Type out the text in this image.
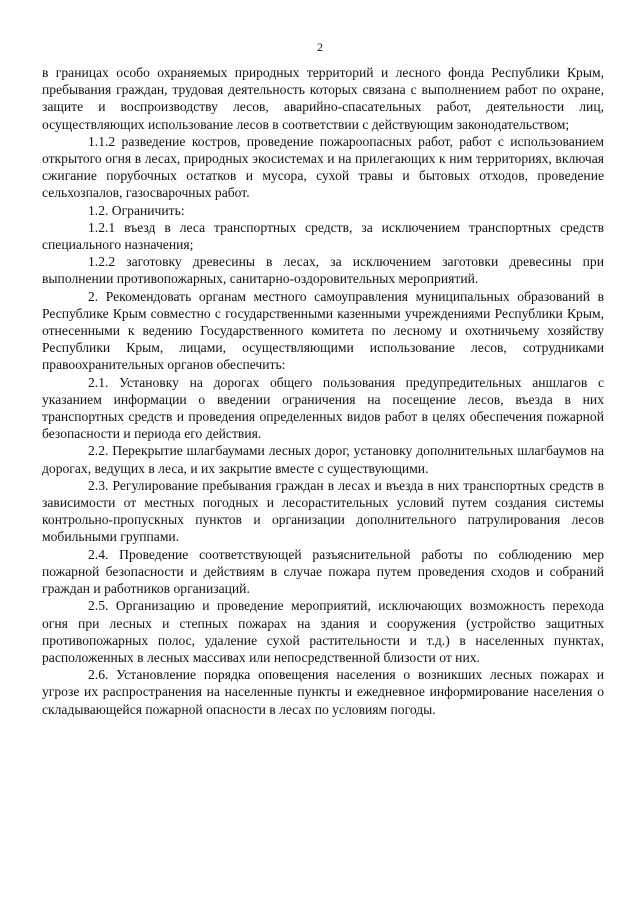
2

в границах особо охраняемых природных территорий и лесного фонда Республики Крым, пребывания граждан, трудовая деятельность которых связана с выполнением работ по охране, защите и воспроизводству лесов, аварийно-спасательных работ, деятельности лиц, осуществляющих использование лесов в соответствии с действующим законодательством;

1.1.2 разведение костров, проведение пожароопасных работ, работ с использованием открытого огня в лесах, природных экосистемах и на прилегающих к ним территориях, включая сжигание порубочных остатков и мусора, сухой травы и бытовых отходов, проведение сельхозпалов, газосварочных работ.

1.2. Ограничить:

1.2.1 въезд в леса транспортных средств, за исключением транспортных средств специального назначения;

1.2.2 заготовку древесины в лесах, за исключением заготовки древесины при выполнении противопожарных, санитарно-оздоровительных мероприятий.

2. Рекомендовать органам местного самоуправления муниципальных образований в Республике Крым совместно с государственными казенными учреждениями Республики Крым, отнесенными к ведению Государственного комитета по лесному и охотничьему хозяйству Республики Крым, лицами, осуществляющими использование лесов, сотрудниками правоохранительных органов обеспечить:

2.1. Установку на дорогах общего пользования предупредительных аншлагов с указанием информации о введении ограничения на посещение лесов, въезда в них транспортных средств и проведения определенных видов работ в целях обеспечения пожарной безопасности и периода его действия.

2.2. Перекрытие шлагбаумами лесных дорог, установку дополнительных шлагбаумов на дорогах, ведущих в леса, и их закрытие вместе с существующими.

2.3. Регулирование пребывания граждан в лесах и въезда в них транспортных средств в зависимости от местных погодных и лесорастительных условий путем создания системы контрольно-пропускных пунктов и организации дополнительного патрулирования лесов мобильными группами.

2.4. Проведение соответствующей разъяснительной работы по соблюдению мер пожарной безопасности и действиям в случае пожара путем проведения сходов и собраний граждан и работников организаций.

2.5. Организацию и проведение мероприятий, исключающих возможность перехода огня при лесных и степных пожарах на здания и сооружения (устройство защитных противопожарных полос, удаление сухой растительности и т.д.) в населенных пунктах, расположенных в лесных массивах или непосредственной близости от них.

2.6. Установление порядка оповещения населения о возникших лесных пожарах и угрозе их распространения на населенные пункты и ежедневное информирование населения о складывающейся пожарной опасности в лесах по условиям погоды.
